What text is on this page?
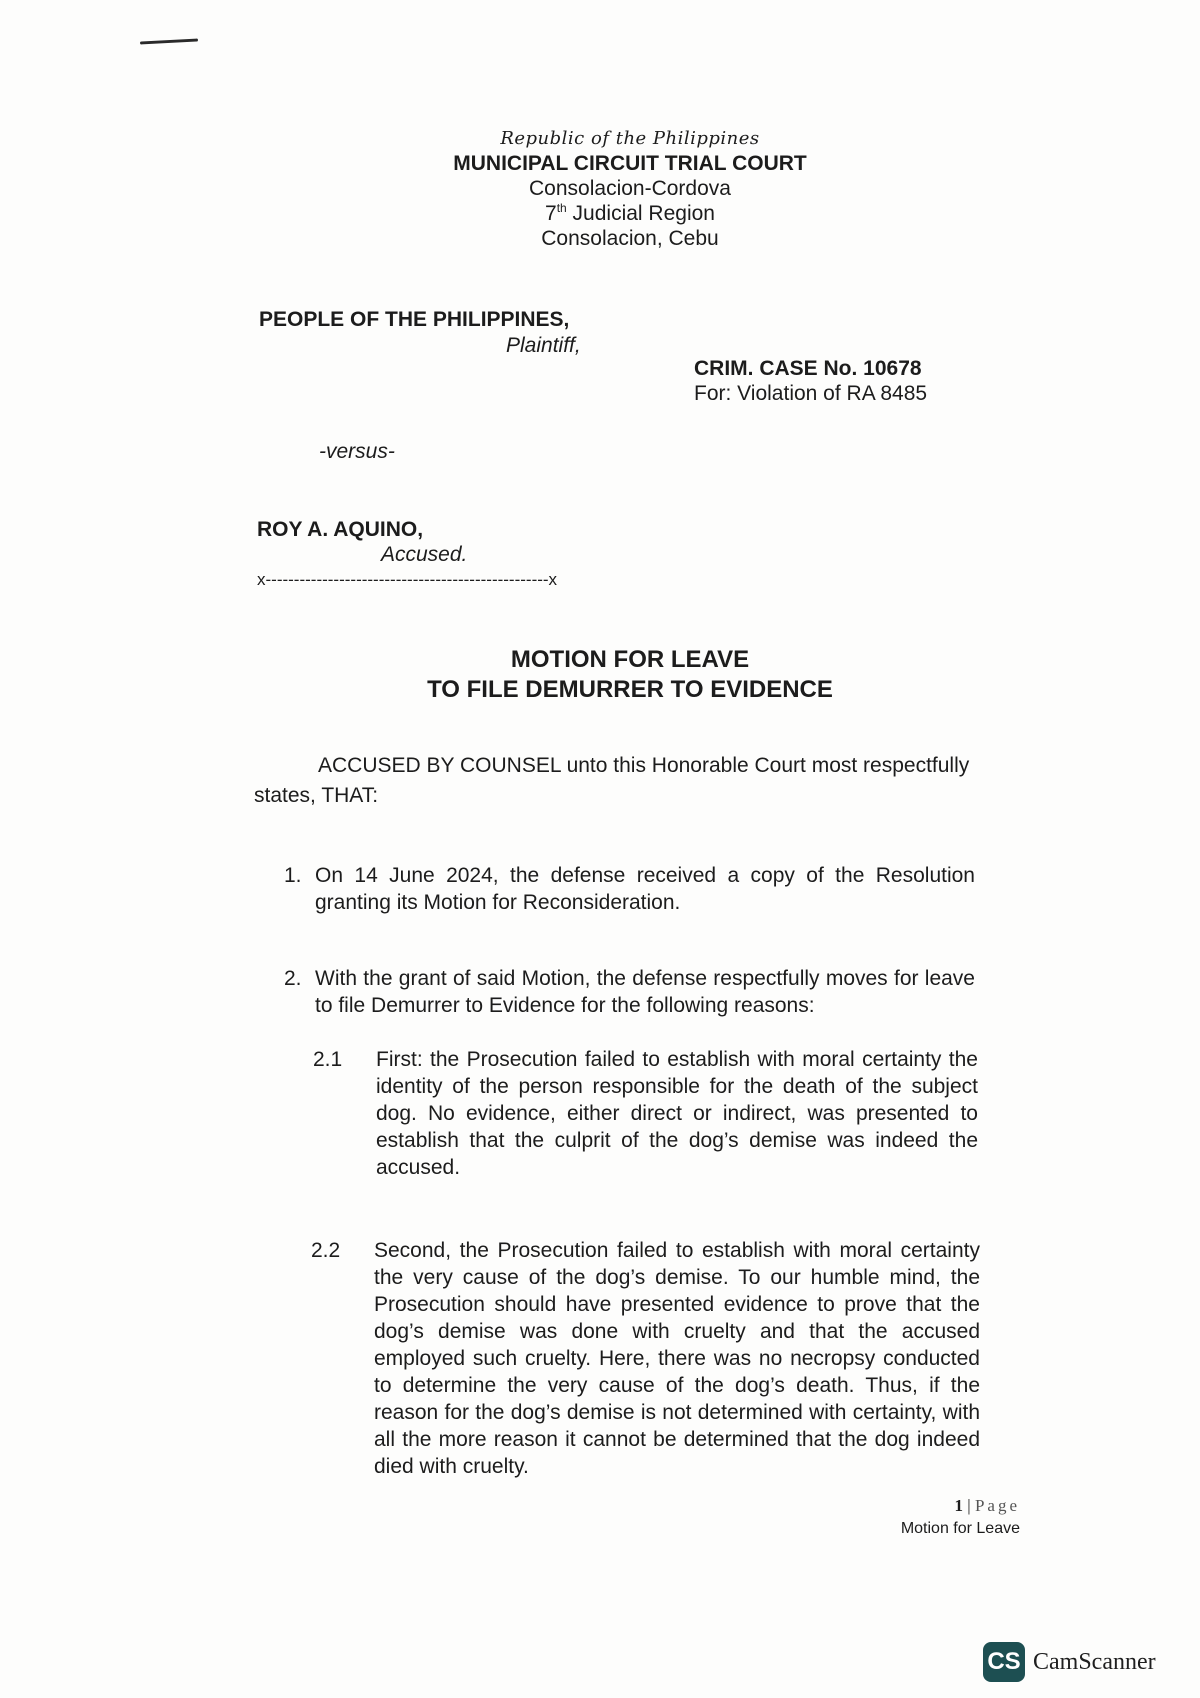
Republic of the Philippines
MUNICIPAL CIRCUIT TRIAL COURT
Consolacion-Cordova
7th Judicial Region
Consolacion, Cebu
PEOPLE OF THE PHILIPPINES,
Plaintiff,
CRIM. CASE No. 10678
For: Violation of RA 8485
-versus-
ROY A. AQUINO,
Accused.
x--------------------------------------------------x
MOTION FOR LEAVE
TO FILE DEMURRER TO EVIDENCE
ACCUSED BY COUNSEL unto this Honorable Court most respectfully
states, THAT:
1. On 14 June 2024, the defense received a copy of the Resolution granting its Motion for Reconsideration.
2. With the grant of said Motion, the defense respectfully moves for leave to file Demurrer to Evidence for the following reasons:
2.1 First: the Prosecution failed to establish with moral certainty the identity of the person responsible for the death of the subject dog. No evidence, either direct or indirect, was presented to establish that the culprit of the dog’s demise was indeed the accused.
2.2 Second, the Prosecution failed to establish with moral certainty the very cause of the dog’s demise. To our humble mind, the Prosecution should have presented evidence to prove that the dog’s demise was done with cruelty and that the accused employed such cruelty. Here, there was no necropsy conducted to determine the very cause of the dog’s death. Thus, if the reason for the dog’s demise is not determined with certainty, with all the more reason it cannot be determined that the dog indeed died with cruelty.
1 | Page
Motion for Leave
CS CamScanner
